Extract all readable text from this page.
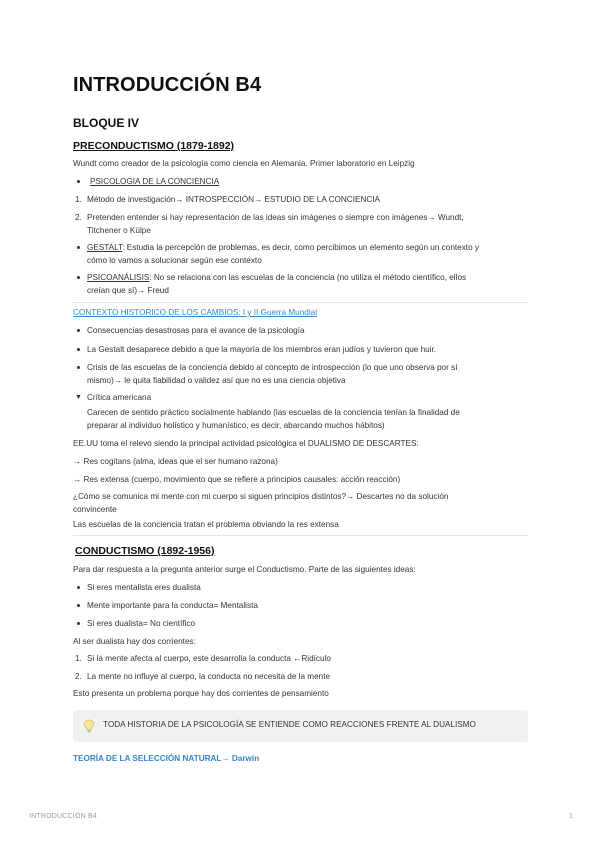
INTRODUCCIÓN B4
BLOQUE IV
PRECONDUCTISMO (1879-1892)
Wundt como creador de la psicología como ciencia en Alemania. Primer laboratorio en Leipzig
PSICOLOGIA DE LA CONCIENCIA
1. Método de investigación→ INTROSPECCIÓN→ ESTUDIO DE LA CONCIENCIA
2. Pretenden entender si hay representación de las ideas sin imágenes o siempre con imágenes→ Wundt,
Titchener o Külpe
GESTALT: Estudia la percepción de problemas, es decir, como percibimos un elemento según un contexto y
cómo lo vamos a solucionar según ese contexto
PSICOANÁLISIS: No se relaciona con las escuelas de la conciencia (no utiliza el método científico, ellos
creían que sí)→ Freud
CONTEXTO HISTORICO DE LOS CAMBIOS: I y II Guerra Mundial
Consecuencias desastrosas para el avance de la psicología
La Gestalt desaparece debido a que la mayoría de los miembros eran judíos y tuvieron que huir.
Crisis de las escuelas de la conciencia debido al concepto de introspección (lo que uno observa por sí
mismo)→ le quita fiabilidad o validez así que no es una ciencia objetiva
▼ Crítica americana
Carecen de sentido práctico socialmente hablando (las escuelas de la conciencia tenían la finalidad de
preparar al individuo holístico y humanístico, es decir, abarcando muchos hábitos)
EE.UU toma el relevo siendo la principal actividad psicológica el DUALISMO DE DESCARTES:
→ Res cogitans (alma, ideas que el ser humano razona)
→ Res extensa (cuerpo, movimiento que se refiere a principios causales: acción reacción)
¿Cómo se comunica mi mente con mi cuerpo si siguen principios distintos?→ Descartes no da solución
convincente
Las escuelas de la conciencia tratan el problema obviando la res extensa
CONDUCTISMO (1892-1956)
Para dar respuesta a la pregunta anterior surge el Conductismo. Parte de las siguientes ideas:
Si eres mentalista eres dualista
Mente importante para la conducta= Mentalista
Si eres dualista= No científico
Al ser dualista hay dos corrientes:
1. Si la mente afecta al cuerpo, este desarrolla la conducta ←Ridículo
2. La mente no influye al cuerpo, la conducta no necesita de la mente
Esto presenta un problema porque hay dos corrientes de pensamiento
TODA HISTORIA DE LA PSICOLOGÍA SE ENTIENDE COMO REACCIONES FRENTE AL DUALISMO
TEORÍA DE LA SELECCIÓN NATURAL→ Darwin
INTRODUCCIÓN B4	1
